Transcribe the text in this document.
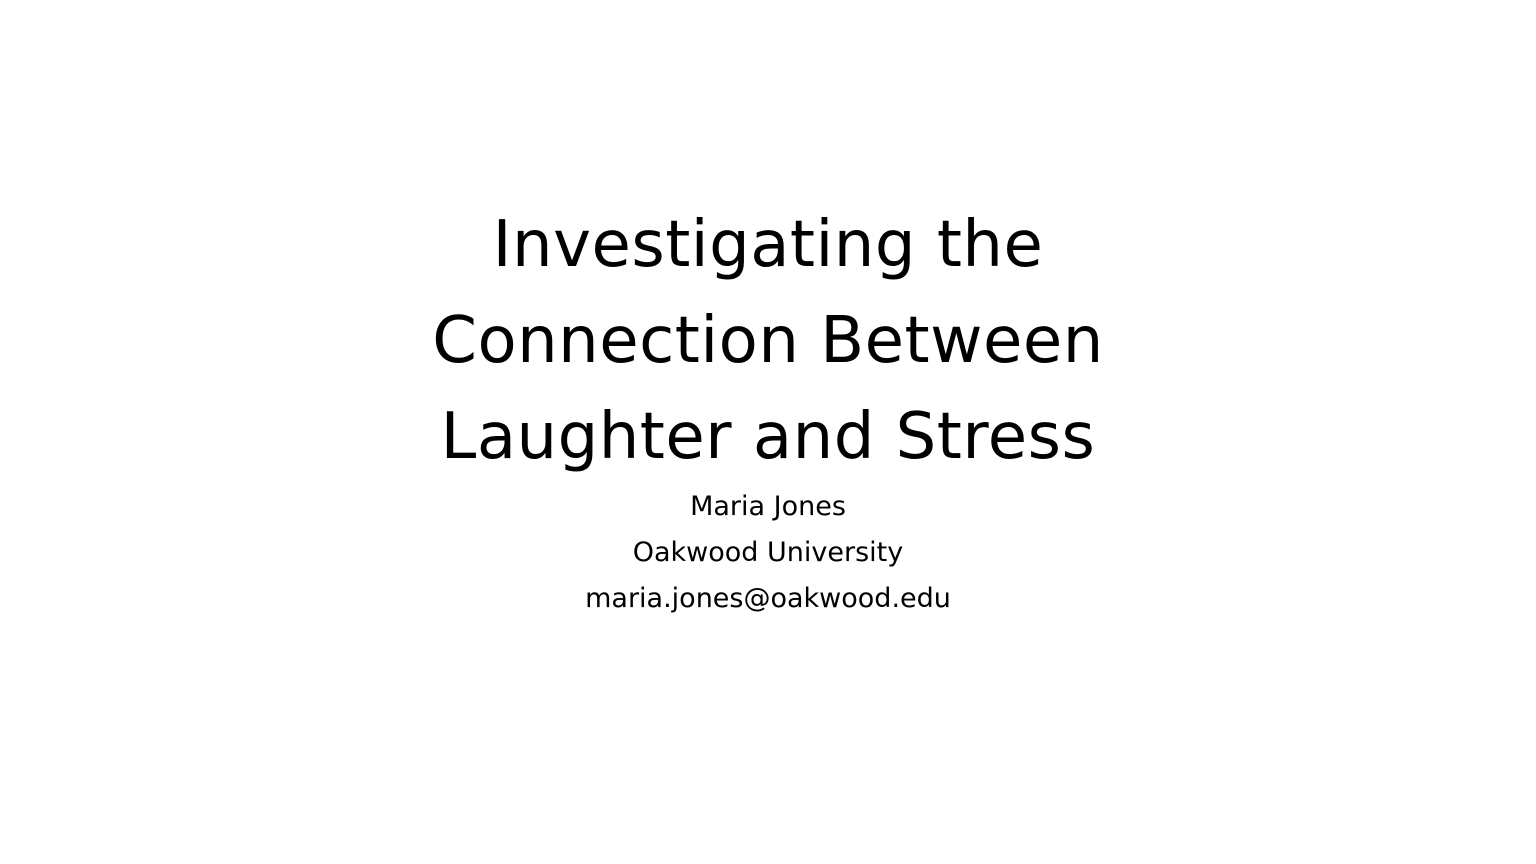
Investigating the
Connection Between
Laughter and Stress
Maria Jones
Oakwood University
maria.jones@oakwood.edu
